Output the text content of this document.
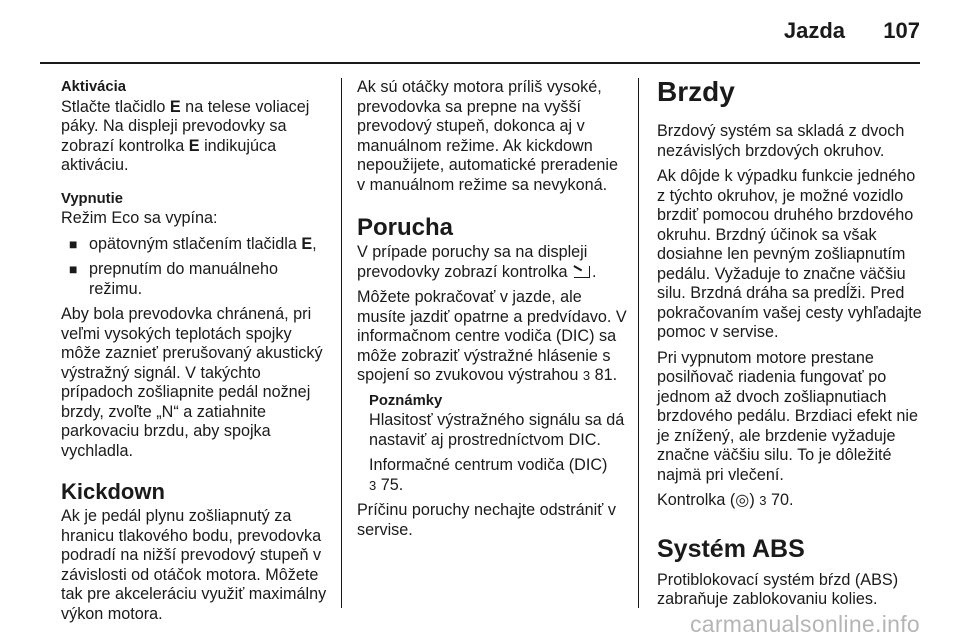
Jazda 107
Aktivácia

Stlačte tlačidlo E na telese voliacej páky. Na displeji prevodovky sa zobrazí kontrolka E indikujúca aktiváciu.

Vypnutie

Režim Eco sa vypína:

■ opätovným stlačením tlačidla E,
■ prepnutím do manuálneho režimu.

Aby bola prevodovka chránená, pri veľmi vysokých teplotách spojky môže zaznieť prerušovaný akustický výstražný signál. V takýchto prípadoch zošliapnite pedál nožnej brzdy, zvoľte „N“ a zatiahnite parkovaciu brzdu, aby spojka vychladla.

Kickdown

Ak je pedál plynu zošliapnutý za hranicu tlakového bodu, prevodovka podradí na nižší prevodový stupeň v závislosti od otáčok motora. Môžete tak pre akceleráciu využiť maximálny výkon motora.

Ak sú otáčky motora príliš vysoké, prevodovka sa prepne na vyšší prevodový stupeň, dokonca aj v manuálnom režime. Ak kickdown nepoužijete, automatické preradenie v manuálnom režime sa nevykoná.

Porucha

V prípade poruchy sa na displeji prevodovky zobrazí kontrolka .

Môžete pokračovať v jazde, ale musíte jazdiť opatrne a predvídavo. V informačnom centre vodiča (DIC) sa môže zobraziť výstražné hlásenie s spojení so zvukovou výstrahou 3 81.

Poznámky

Hlasitosť výstražného signálu sa dá nastaviť aj prostredníctvom DIC.

Informačné centrum vodiča (DIC)
3 75.

Príčinu poruchy nechajte odstrániť v servise.

Brzdy

Brzdový systém sa skladá z dvoch nezávislých brzdových okruhov.

Ak dôjde k výpadku funkcie jedného z týchto okruhov, je možné vozidlo brzdiť pomocou druhého brzdového okruhu. Brzdný účinok sa však dosiahne len pevným zošliapnutím pedálu. Vyžaduje to značne väčšiu silu. Brzdná dráha sa predĺži. Pred pokračovaním vašej cesty vyhľadajte pomoc v servise.

Pri vypnutom motore prestane posilňovač riadenia fungovať po jednom až dvoch zošliapnutiach brzdového pedálu. Brzdiaci efekt nie je znížený, ale brzdenie vyžaduje značne väčšiu silu. To je dôležité najmä pri vlečení.

Kontrolka (◎) 3 70.

Systém ABS

Protiblokovací systém bŕzd (ABS) zabraňuje zablokovaniu kolies.

carmanualsonline.info
